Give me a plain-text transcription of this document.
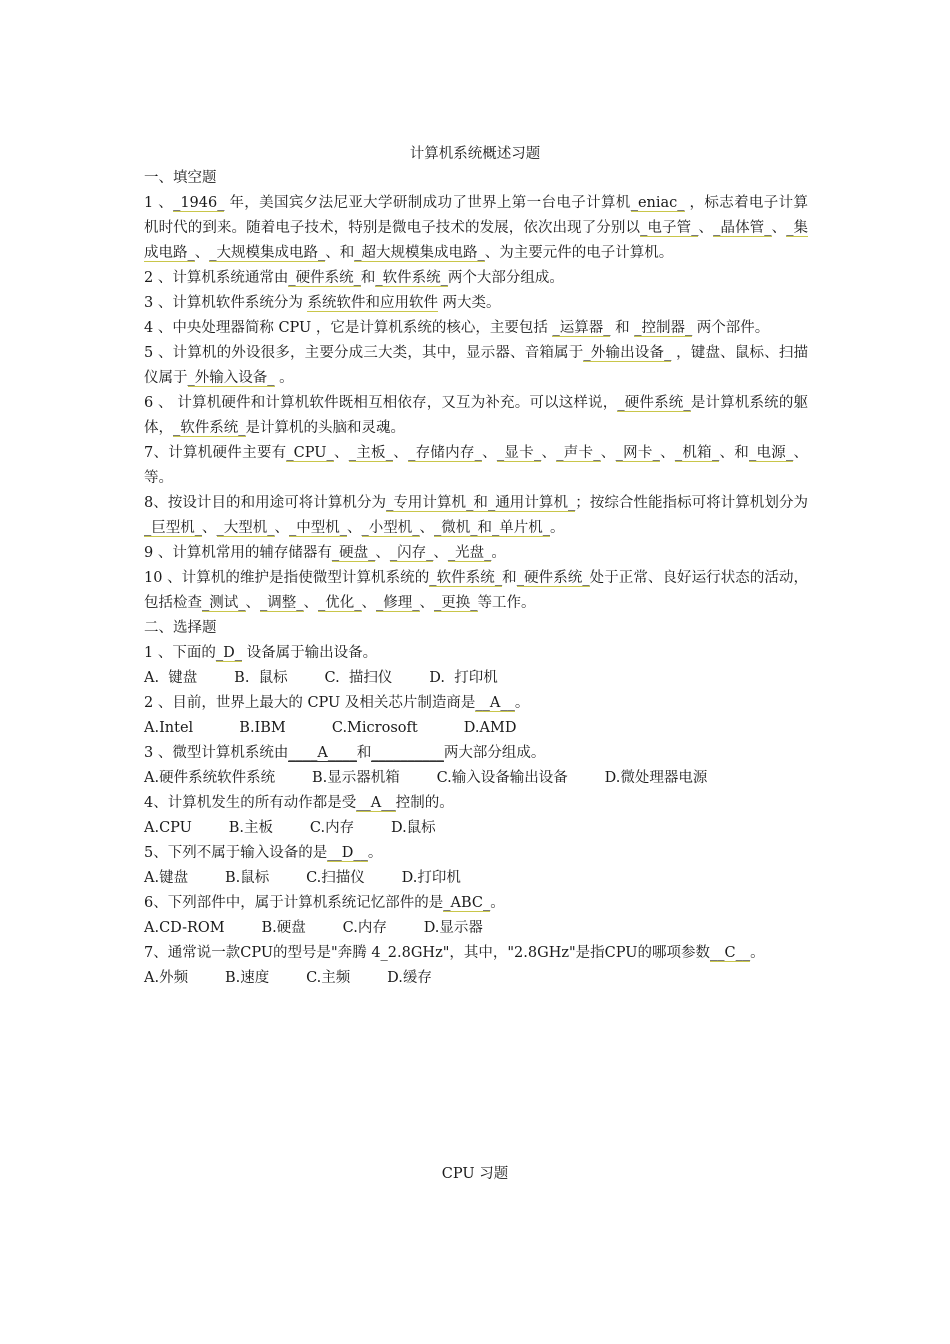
计算机系统概述习题
一、填空题
1 、_1946_ 年，美国宾夕法尼亚大学研制成功了世界上第一台电子计算机_eniac_ ，标志着电子计算机时代的到来。随着电子技术，特别是微电子技术的发展，依次出现了分别以_电子管_、_晶体管_、_集成电路_、_大规模集成电路_、和_超大规模集成电路_、为主要元件的电子计算机。
2 、计算机系统通常由_硬件系统_和_软件系统_两个大部分组成。
3 、计算机软件系统分为 系统软件和应用软件 两大类。
4 、中央处理器简称 CPU ，它是计算机系统的核心，主要包括 _运算器_ 和 _控制器_ 两个部件。
5 、计算机的外设很多，主要分成三大类，其中，显示器、音箱属于_外输出设备_ ，键盘、鼠标、扫描仪属于_外输入设备_ 。
6 、 计算机硬件和计算机软件既相互相依存，又互为补充。可以这样说，_硬件系统_是计算机系统的躯体，_软件系统_是计算机的头脑和灵魂。
7、计算机硬件主要有_CPU_、_主板_、_存储内存_、_显卡_、_声卡_、_网卡_、_机箱_、和_电源_、等。
8、按设计目的和用途可将计算机分为_专用计算机_和_通用计算机_；按综合性能指标可将计算机划分为_巨型机_、_大型机_、_中型机_、_小型机_、_微机_和_单片机_。
9 、计算机常用的辅存储器有_硬盘_、_闪存_、_光盘_。
10 、计算机的维护是指使微型计算机系统的_软件系统_和_硬件系统_处于正常、良好运行状态的活动，包括检查_测试_、_调整_、_优化_、_修理_、_更换_等工作。
二、选择题
1 、下面的_D_ 设备属于输出设备。
A.  键盘        B.  鼠标        C.  描扫仪        D.  打印机
2 、目前，世界上最大的 CPU 及相关芯片制造商是__A__。
A.Intel          B.IBM          C.Microsoft          D.AMD
3 、微型计算机系统由____A____和__________两大部分组成。
A.硬件系统软件系统        B.显示器机箱        C.输入设备输出设备        D.微处理器电源
4、计算机发生的所有动作都是受__A__控制的。
A.CPU        B.主板        C.内存        D.鼠标
5、下列不属于输入设备的是__D__。
A.键盘        B.鼠标        C.扫描仪        D.打印机
6、下列部件中，属于计算机系统记忆部件的是_ABC_。
A.CD-ROM        B.硬盘        C.内存        D.显示器
7、通常说一款CPU的型号是"奔腾 4_2.8GHz"，其中，"2.8GHz"是指CPU的哪项参数__C__。
A.外频        B.速度        C.主频        D.缓存
CPU 习题
